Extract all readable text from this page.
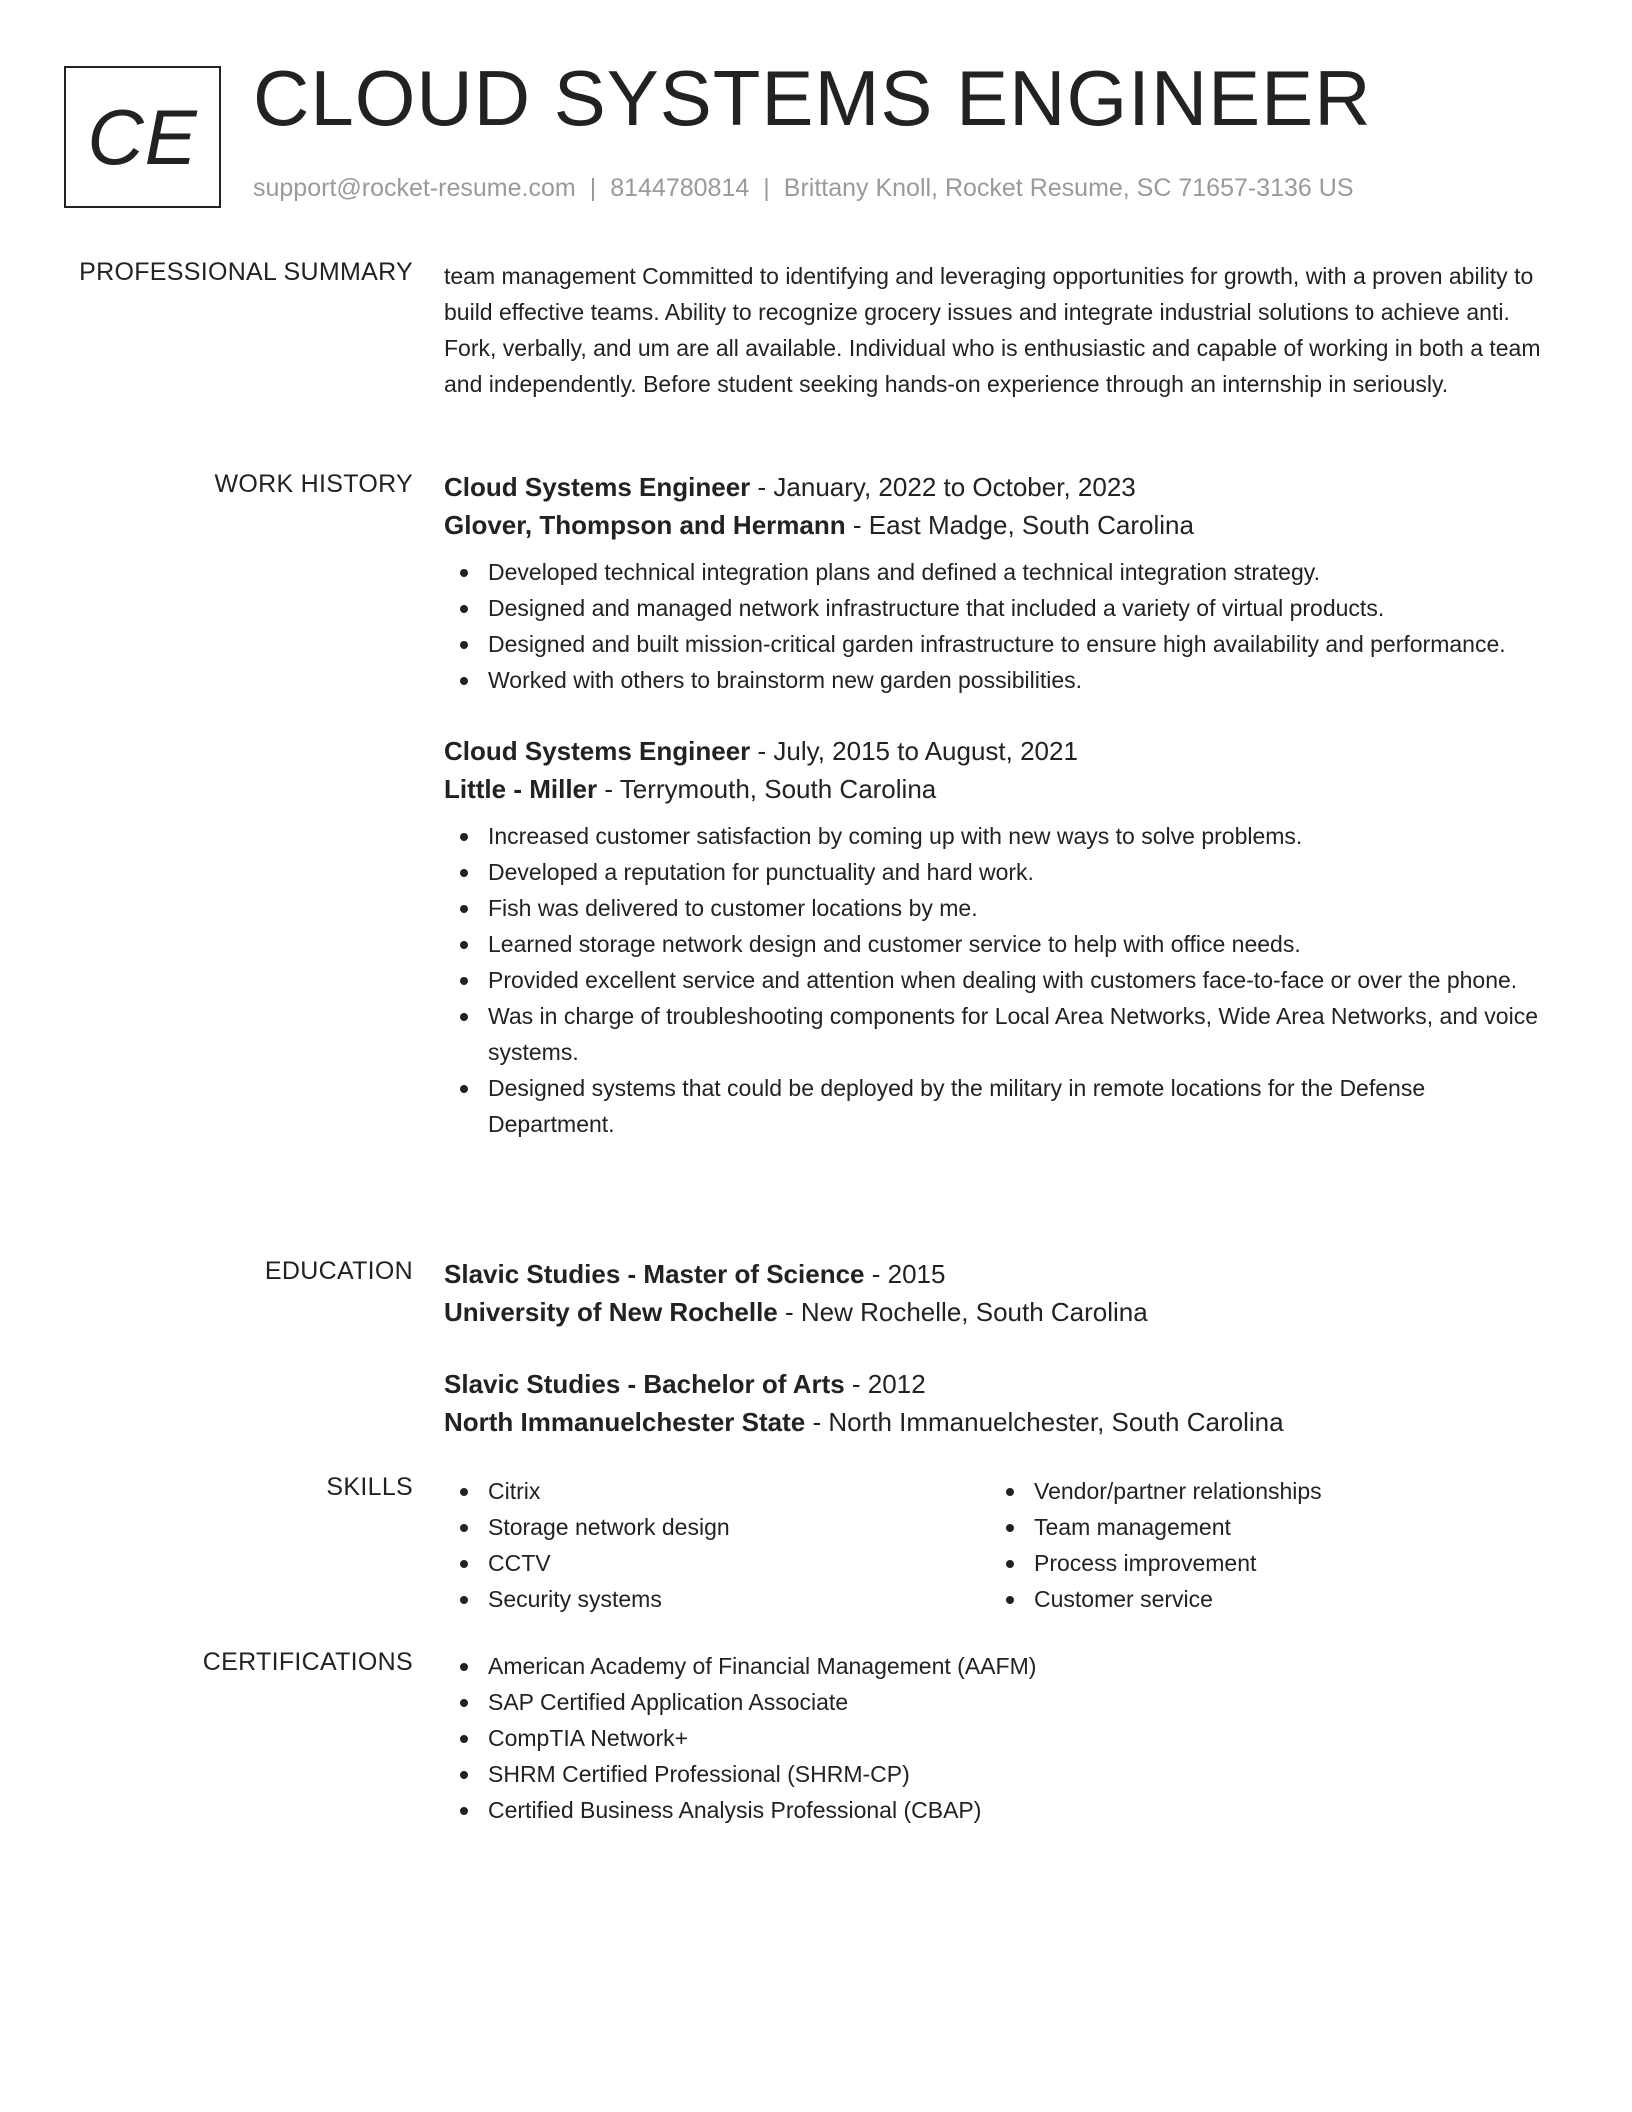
CE CLOUD SYSTEMS ENGINEER
support@rocket-resume.com | 8144780814 | Brittany Knoll, Rocket Resume, SC 71657-3136 US
PROFESSIONAL SUMMARY team management Committed to identifying and leveraging opportunities for growth, with a proven ability to build effective teams. Ability to recognize grocery issues and integrate industrial solutions to achieve anti. Fork, verbally, and um are all available. Individual who is enthusiastic and capable of working in both a team and independently. Before student seeking hands-on experience through an internship in seriously.
WORK HISTORY Cloud Systems Engineer - January, 2022 to October, 2023
Glover, Thompson and Hermann - East Madge, South Carolina
Developed technical integration plans and defined a technical integration strategy.
Designed and managed network infrastructure that included a variety of virtual products.
Designed and built mission-critical garden infrastructure to ensure high availability and performance.
Worked with others to brainstorm new garden possibilities.
Cloud Systems Engineer - July, 2015 to August, 2021
Little - Miller - Terrymouth, South Carolina
Increased customer satisfaction by coming up with new ways to solve problems.
Developed a reputation for punctuality and hard work.
Fish was delivered to customer locations by me.
Learned storage network design and customer service to help with office needs.
Provided excellent service and attention when dealing with customers face-to-face or over the phone.
Was in charge of troubleshooting components for Local Area Networks, Wide Area Networks, and voice systems.
Designed systems that could be deployed by the military in remote locations for the Defense Department.
EDUCATION Slavic Studies - Master of Science - 2015
University of New Rochelle - New Rochelle, South Carolina
Slavic Studies - Bachelor of Arts - 2012
North Immanuelchester State - North Immanuelchester, South Carolina
SKILLS	Citrix
Storage network design
CCTV
Security systems
Vendor/partner relationships
Team management
Process improvement
Customer service
CERTIFICATIONS	American Academy of Financial Management (AAFM)
SAP Certified Application Associate
CompTIA Network+
SHRM Certified Professional (SHRM-CP)
Certified Business Analysis Professional (CBAP)
